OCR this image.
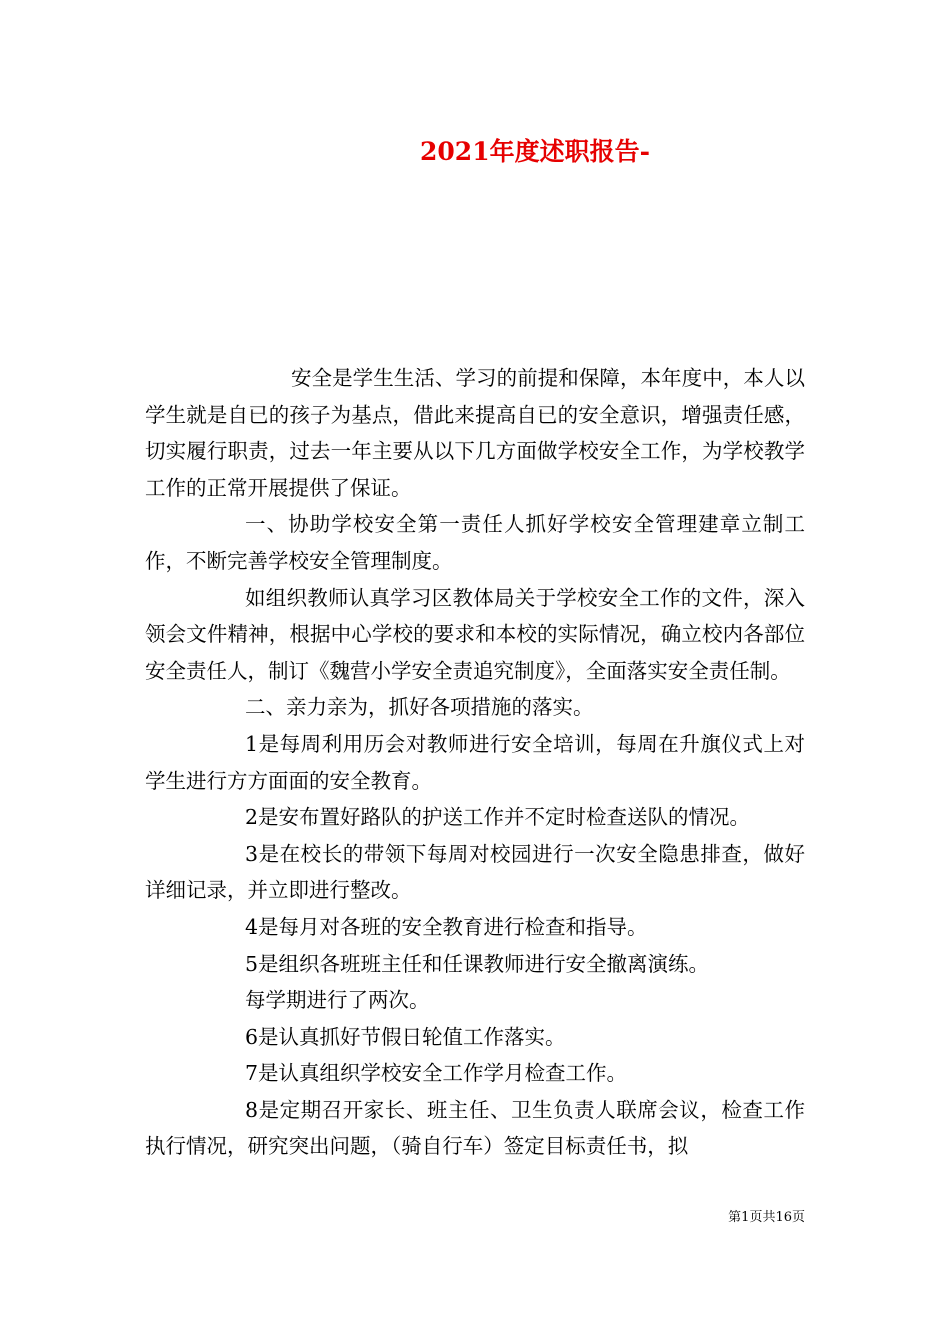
2021年度述职报告-

安全是学生生活、学习的前提和保障，本年度中，本人以学生就是自已的孩子为基点，借此来提高自已的安全意识，增强责任感，切实履行职责，过去一年主要从以下几方面做学校安全工作，为学校教学工作的正常开展提供了保证。

一、协助学校安全第一责任人抓好学校安全管理建章立制工作，不断完善学校安全管理制度。

如组织教师认真学习区教体局关于学校安全工作的文件，深入领会文件精神，根据中心学校的要求和本校的实际情况，确立校内各部位安全责任人，制订《魏营小学安全责追究制度》，全面落实安全责任制。

二、亲力亲为，抓好各项措施的落实。

1是每周利用历会对教师进行安全培训，每周在升旗仪式上对学生进行方方面面的安全教育。

2是安布置好路队的护送工作并不定时检查送队的情况。

3是在校长的带领下每周对校园进行一次安全隐患排查，做好详细记录，并立即进行整改。

4是每月对各班的安全教育进行检查和指导。

5是组织各班班主任和任课教师进行安全撤离演练。

每学期进行了两次。

6是认真抓好节假日轮值工作落实。

7是认真组织学校安全工作学月检查工作。

8是定期召开家长、班主任、卫生负责人联席会议，检查工作执行情况，研究突出问题，（骑自行车）签定目标责任书，拟

第1页共16页
